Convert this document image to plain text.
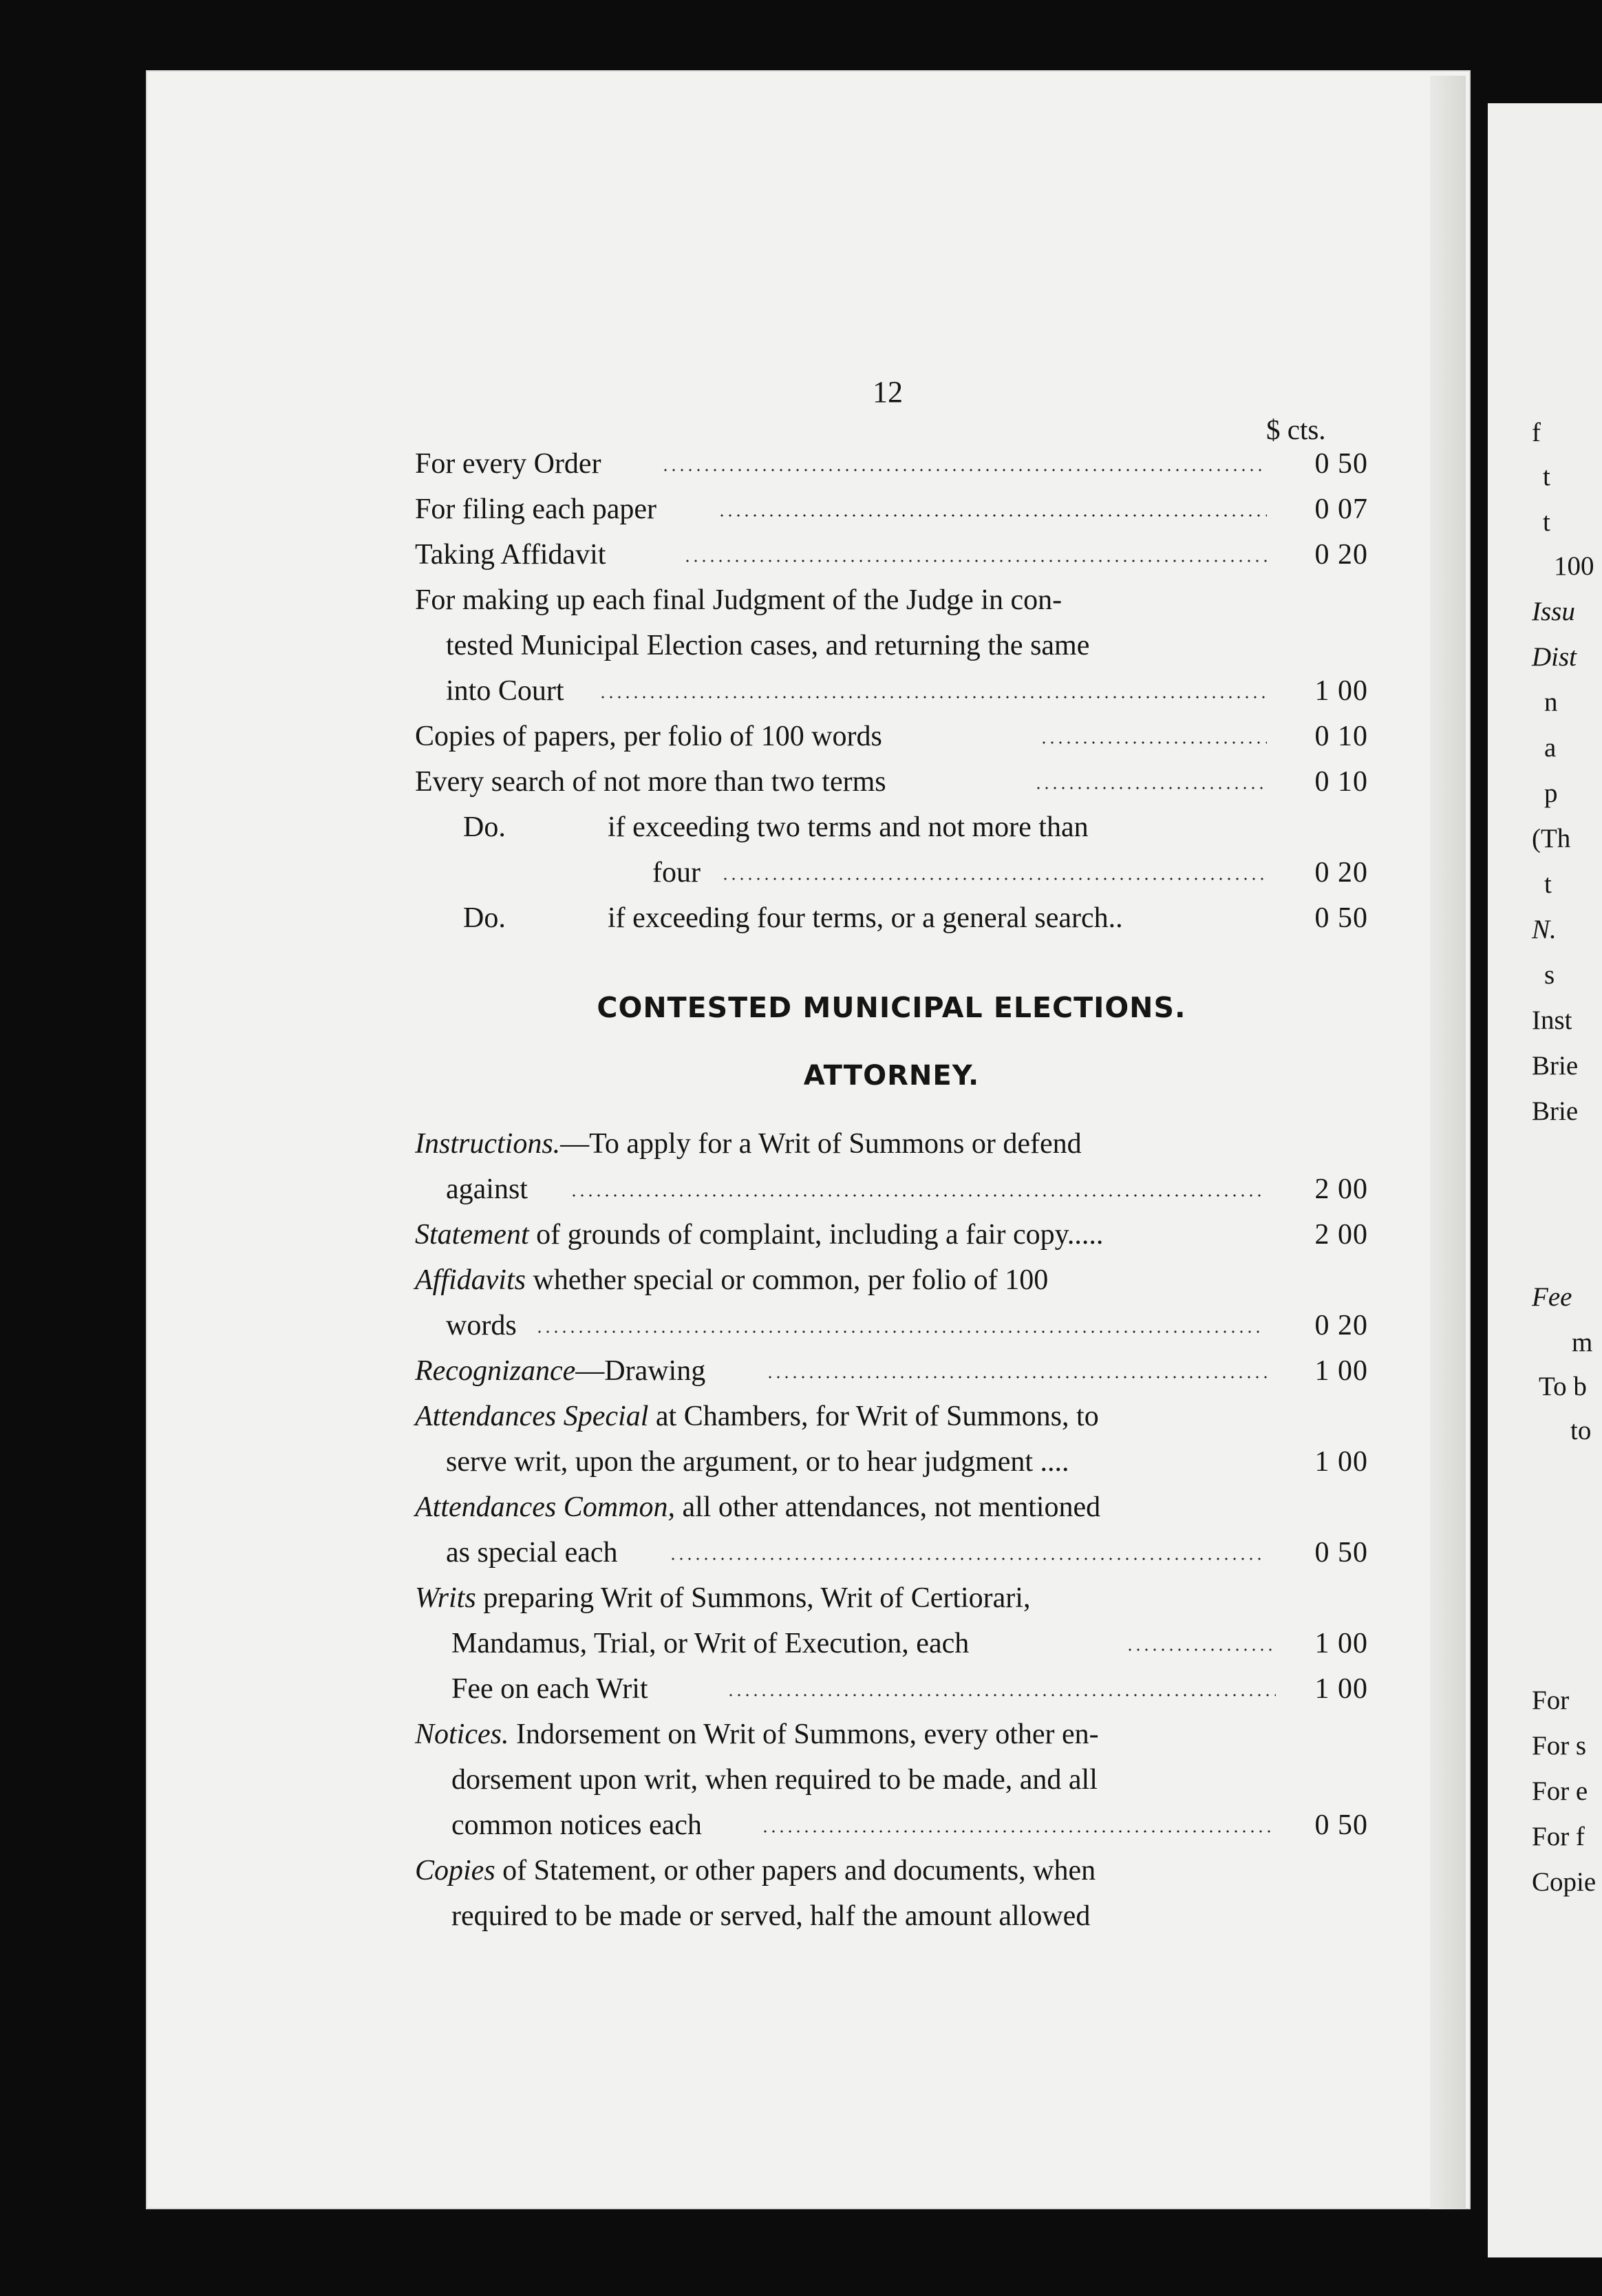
f
t
t
100
Issu
Dist
n
a
p
(Th
t
N.
s
Inst
Brie
Brie
Fee
m
To b
to
For
For s
For e
For f
Copie
12
$ cts.
For every Order	0 50
For filing each paper	0 07
Taking Affidavit	0 20
For making up each final Judgment of the Judge in con-
tested Municipal Election cases, and returning the same
into Court	1 00
Copies of papers, per folio of 100 words	0 10
Every search of not more than two terms	0 10
Do.	if exceeding two terms and not more than
four	0 20
Do.	if exceeding four terms, or a general search..	0 50
CONTESTED MUNICIPAL ELECTIONS.
ATTORNEY.
Instructions.—To apply for a Writ of Summons or defend
against	2 00
Statement of grounds of complaint, including a fair copy.....	2 00
Affidavits whether special or common, per folio of 100
words	0 20
Recognizance—Drawing	1 00
Attendances Special at Chambers, for Writ of Summons, to
serve writ, upon the argument, or to hear judgment ....	1 00
Attendances Common, all other attendances, not mentioned
as special each	0 50
Writs preparing Writ of Summons, Writ of Certiorari,
Mandamus, Trial, or Writ of Execution, each	1 00
Fee on each Writ	1 00
Notices. Indorsement on Writ of Summons, every other en-
dorsement upon writ, when required to be made, and all
common notices each	0 50
Copies of Statement, or other papers and documents, when
required to be made or served, half the amount allowed
